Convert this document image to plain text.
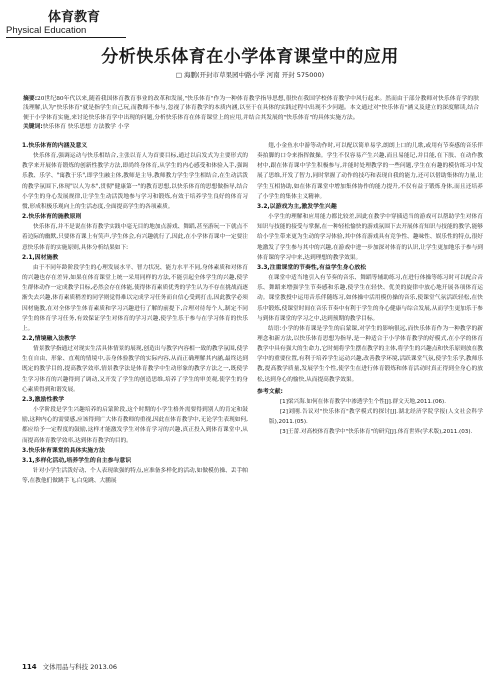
体育教育
Physical Education
分析快乐体育在小学体育课堂中的应用
□ 海鹏(开封市草果园中路小学 河南 开封 575000)
摘要:20世纪80年代以来,随着我国体育教育事业的改革和发展,"快乐体育"作为一种体育教学指导思想,很快在我国学校体育教学中风行起来。然而由于部分教师对快乐体育学的肤浅理解,认为"快乐体育"就是指学生自己玩,而教师不参与,忽视了体育教学的本质内涵,以至于在具体的实践过程中出现不少问题。本文通过对"快乐体育"涵义及建立的深度解读,结合便于小学体育实施,来讨论快乐体育学中出现的问题,分析快乐体育在体育课堂上的应用,并结合其发展的"快乐体育"的具体实施方法。
关键词:快乐体育 快乐思想 方法教学 小学
1.快乐体育的内涵及意义

快乐体育,强调运动与快乐相结合,主张以育人为首要目标,通过以启发式为主要形式的教学来开展体育锻炼的创新性教学方法,即尚终身体育,从学生的内心感受和体验入手,强调乐教、乐学、"寓教于乐",即学生融主体,教师是主导,教师教力学生学生相结合,在生动活泼的教学氛围下,体现"以人为本",贯彻"健康第一"的教育思想,以快乐体育的思想做指导,结合小学生的身心发展规律,让学生生动活泼地参与学习和锻炼,有效于培养学生良好的体育习惯,形成积极乐观向上的生活态度,全面提高学生的各项素质。

2.快乐体育的施教原则

快乐体育,并不是说在体育教学实践中毫无目的地加点游戏、舞蹈,甚至游玩一下就点不着边际的幽默,只要体育课上有笑声,学生体会,有兴趣就行了,因此,在小学体育课中一定要注意快乐体育的实施原则,具体分析结果如下:

2.1,因材施教

由于不同年龄阶段学生的心理发展水平、智力状况、能力水平不同,身体素质和对体育的兴趣也存在差异,如果在体育课堂上统一采用同样的方法,不能引起全体学生的兴趣,使学生群体动作一定成教学目标,必然会存在体能,使得体育素质优秀的学生认为不存在挑战而逐渐失去兴趣,体育素质稍差的同学则觉得难以完成学习任务而自信心受到打击,因此教学必须因材施教,在对全体学生体育素质和学习兴趣进行了解的前提下,合理对待每个人,制定不同学生的体育学习任务,有效保证学生对体育的学习兴趣,使学生乐于参与在学习体育的快乐上。

2.2,情境融入法教学

情景教学指通过对现实生活具体情景的展现,创造出与教学内容相一致的教学氛围,使学生在自由、形象、直观的情境中,亲身体验教学的实际内容,从而正确理解其内涵,最终达到既定的教学目的,提高教学效率,情景教学法是体育教学中生动形象的教学方法之一,既使学生学习体育的兴趣得到了调动,又开发了学生的创造思维,培养了学生的审美观,使学生的身心素质得到和谐发展。

2.3,激励性教学

小学阶段是学生兴趣培养的启蒙阶段,这个时期的小学生格外需要得到别人的肯定和鼓励,这种内心的需要感,应该得到广大体育教师的重视,因此在体育教学中,无论学生表现如何,都应给予一定程度的鼓励,这样才能激发学生对体育学习的兴趣,真正投入到体育课堂中,从而提高体育教学效率,达到体育教学的目的。

3.快乐体育课堂的具体实施方法
3.1,多样化活动,培养学生的自主参与意识

针对小学生活泼好动、个人表现欲强的特点,应准备多样化的活动,如做模仿操、丢手帕等,在教他们做跳手飞,白兔跳、大鹏展

翅,小金鱼水中游等动作时,可以配以简单易学,朗朗上口的儿歌,或用有节奏感的音乐伴奏拍脚的口令来指挥做操。学生不仅容易产生兴趣,而且易能记,并目能,在下肢、在动作教材中,跟在体育课中学生积极参与,并能时处理教学的一些问题,学生在有趣的模仿练习中发展了思维,开发了智力,同时掌握了动作的技巧和表现自我的能力,还可以借助集体的力量,让学生互相协助,如在体育课堂中增加集体协作的能力提升,不仅有益于锻炼身体,而且还培养了小学生的集体主义精神。

3.2,以游戏为主,激发学生兴趣

小学生的理解和应用能力都比较差,因此在教学中穿插适当的游戏可以帮助学生对体育知识与技能的接受与掌握,在一种轻松愉快的游戏氛围下去开展体育知识与技能的教学,能够给小学生带来更为生动的学习体验,其中体育游戏具有竞争性、趣味性、娱乐性的特点,很好地激发了学生参与其中的兴趣,在游戏中进一步加深对体育的认识,让学生更加地乐于参与到体育课的学习中来,达到理想的教学效果。

3.3,注重课堂的节奏性,有益学生身心放松

在课堂中适当地引入有节奏的音乐、舞蹈等辅助练习,在进行体操等练习时可以配合音乐、舞蹈来增强学生节奏感和乐趣,使学生在轻快、优美的旋律中放心地开展各项体育运动。课堂教授中运用音乐伴随练习,如体操中活用模仿操的音乐,使课堂气氛活跃轻松,在快乐中锻炼,使课堂时间在音乐节奏中有利于学生的身心健康与综合发展,从而学生更加乐于参与到体育课堂的学习之中,达到预期的教学目标。

结语:小学的体育课是学生的启蒙课,对学生的影响很远,而快乐体育作为一种教学的新理念和新方法,以快乐体育思想为指导,是一种适合于小学体育教学的好模式,在小学的体育教学中具有强大的生命力,它时刻将学生摆在教学的主体,将学生的兴趣点和快乐原则放在教学中的重要位置,有利于培养学生运动兴趣,改善教学环境,活跃课堂气氛,使学生乐学,教师乐教,提高教学质量,发展学生个性,使学生在进行体育锻炼和体育活动时真正得到全身心的放松,达到身心的愉快,从而提高教学效果。

参考文献:

[1]梁兴海.如何在体育教学中渗透学生个性[J].群文天地,2011.(06).

[2]刘刚.告议对"快乐体育"教学模式的探讨[J].湖北经济学院学报(人文社会科学版),2011.(05).

[3]王蕾.对高校体育教学中"快乐体育"的研究[J].体育世界(学术版),2011.(03).

114 文体用品与科技 2013.06
